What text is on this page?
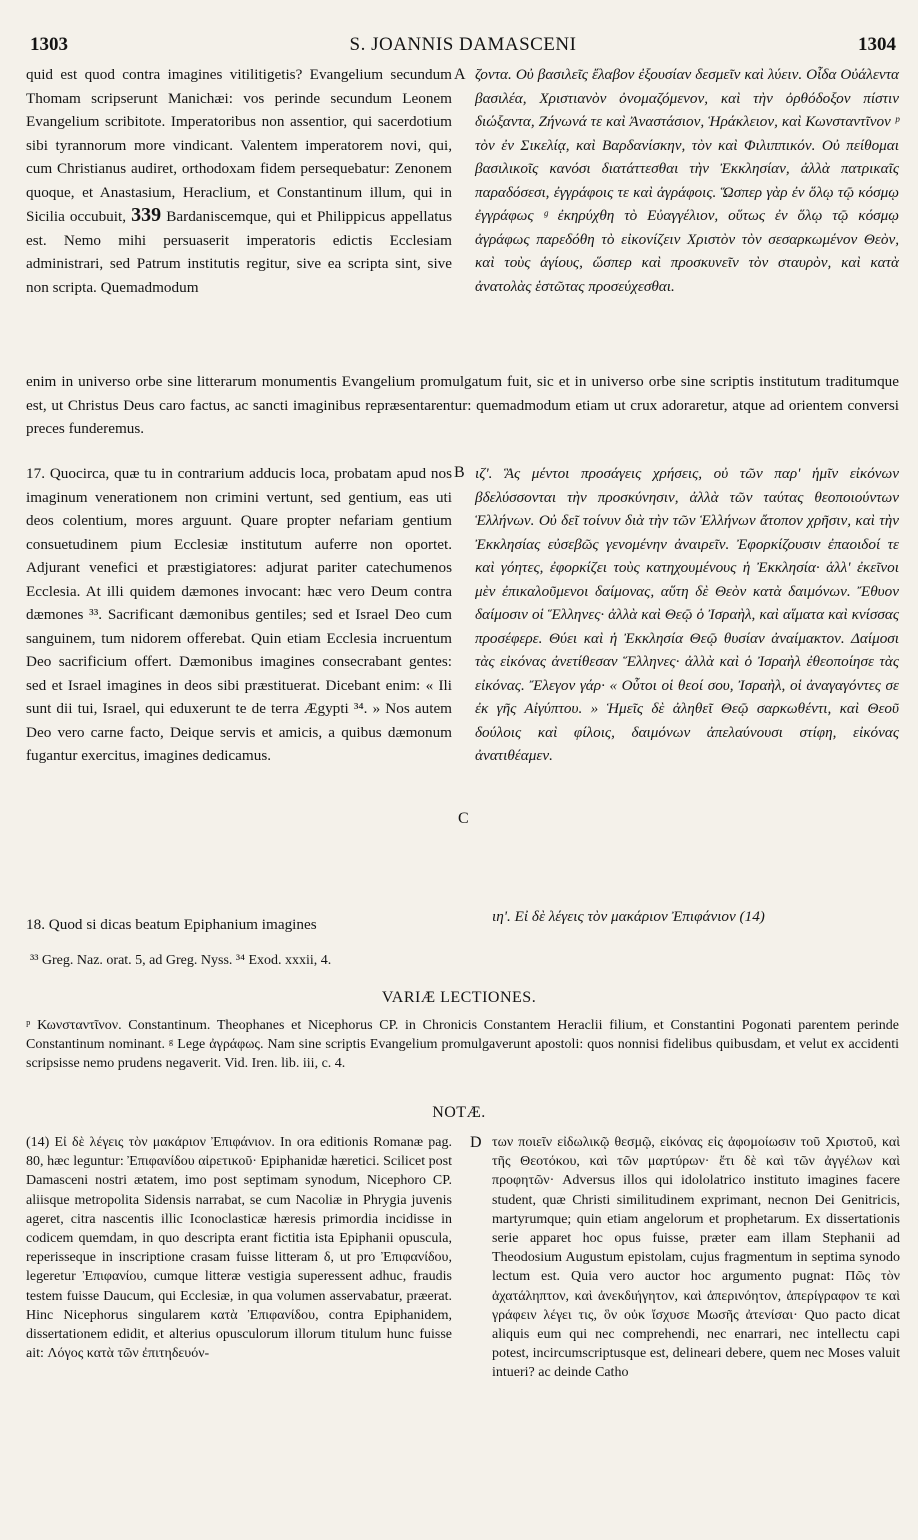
1303	S. JOANNIS DAMASCENI	1304

quid est quod contra imagines vitilitigetis? Evangelium secundum Thomam scripserunt Manichæi: vos perinde secundum Leonem Evangelium scribitote. Imperatoribus non assentior, qui sacerdotium sibi tyrannorum more vindicant. Valentem imperatorem novi, qui, cum Christianus audiret, orthodoxam fidem persequebatur: Zenonem quoque, et Anastasium, Heraclium, et Constantinum illum, qui in Sicilia occubuit, 339 Bardaniscemque, qui et Philippicus appellatus est. Nemo mihi persuaserit imperatoris edictis Ecclesiam administrari, sed Patrum institutis regitur, sive ea scripta sint, sive non scripta. Quemadmodum

A ζοντα. Οὐ βασιλεῖς ἔλαβον ἐξουσίαν δεσμεῖν καὶ λύειν. Οἶδα Οὐάλεντα βασιλέα, Χριστιανὸν ὀνομαζόμενον, καὶ τὴν ὀρθόδοξον πίστιν διώξαντα, Ζήνωνά τε καὶ Ἀναστάσιον, Ἡράκλειον, καὶ Κωνσταντῖνον ᵖ τὸν ἐν Σικελίᾳ, καὶ Βαρδανίσκην, τὸν καὶ Φιλιππικόν. Οὐ πείθομαι βασιλικοῖς κανόσι διατάττεσθαι τὴν Ἐκκλησίαν, ἀλλὰ πατρικαῖς παραδόσεσι, ἐγγράφοις τε καὶ ἀγράφοις. Ὥσπερ γὰρ ἐν ὅλῳ τῷ κόσμῳ ἐγγράφως ᵍ ἐκηρύχθη τὸ Εὐαγγέλιον, οὕτως ἐν ὅλῳ τῷ κόσμῳ ἀγράφως παρεδόθη τὸ εἰκονίζειν Χριστὸν τὸν σεσαρκωμένον Θεὸν, καὶ τοὺς ἁγίους, ὥσπερ καὶ προσκυνεῖν τὸν σταυρὸν, καὶ κατὰ ἀνατολὰς ἑστῶτας προσεύχεσθαι.

enim in universo orbe sine litterarum monumentis Evangelium promulgatum fuit, sic et in universo orbe sine scriptis institutum traditumque est, ut Christus Deus caro factus, ac sancti imaginibus repræsentarentur: quemadmodum etiam ut crux adoraretur, atque ad orientem conversi preces funderemus.

17. Quocirca, quæ tu in contrarium adducis loca, probatam apud nos imaginum venerationem non crimini vertunt, sed gentium, eas uti deos colentium, mores arguunt. Quare propter nefariam gentium consuetudinem pium Ecclesiæ institutum auferre non oportet. Adjurant venefici et præstigiatores: adjurat pariter catechumenos Ecclesia. At illi quidem dæmones invocant: hæc vero Deum contra dæmones ³³. Sacrificant dæmonibus gentiles; sed et Israel Deo cum sanguinem, tum nidorem offerebat. Quin etiam Ecclesia incruentum Deo sacrificium offert. Dæmonibus imagines consecrabant gentes: sed et Israel imagines in deos sibi præstituerat. Dicebant enim: « Ili sunt dii tui, Israel, qui eduxerunt te de terra Ægypti ³⁴. » Nos autem Deo vero carne facto, Deique servis et amicis, a quibus dæmonum fugantur exercitus, imagines dedicamus.

B
C

ιζ'. Ἃς μέντοι προσάγεις χρήσεις, οὐ τῶν παρ' ἡμῖν εἰκόνων βδελύσσονται τὴν προσκύνησιν, ἀλλὰ τῶν ταύτας θεοποιούντων Ἑλλήνων. Οὐ δεῖ τοίνυν διὰ τὴν τῶν Ἑλλήνων ἄτοπον χρῆσιν, καὶ τὴν Ἐκκλησίας εὐσεβῶς γενομένην ἀναιρεῖν. Ἐφορκίζουσιν ἐπαοιδοί τε καὶ γόητες, ἐφορκίζει τοὺς κατηχουμένους ἡ Ἐκκλησία· ἀλλ' ἐκεῖνοι μὲν ἐπικαλοῦμενοι δαίμονας, αὕτη δὲ Θεὸν κατὰ δαιμόνων. Ἔθυον δαίμοσιν οἱ Ἕλληνες· ἀλλὰ καὶ Θεῷ ὁ Ἰσραὴλ, καὶ αἵματα καὶ κνίσσας προσέφερε. Θύει καὶ ἡ Ἐκκλησία Θεῷ θυσίαν ἀναίμακτον. Δαίμοσι τὰς εἰκόνας ἀνετίθεσαν Ἕλληνες· ἀλλὰ καὶ ὁ Ἰσραὴλ ἐθεοποίησε τὰς εἰκόνας. Ἔλεγον γάρ· « Οὗτοι οἱ θεοί σου, Ἰσραὴλ, οἱ ἀναγαγόντες σε ἐκ γῆς Αἰγύπτου. » Ἡμεῖς δὲ ἀληθεῖ Θεῷ σαρκωθέντι, καὶ Θεοῦ δούλοις καὶ φίλοις, δαιμόνων ἀπελαύνουσι στίφη, εἰκόνας ἀνατιθέαμεν.

18. Quod si dicas beatum Epiphanium imagines	ιη'. Εἰ δὲ λέγεις τὸν μακάριον Ἐπιφάνιον (14)

³³ Greg. Naz. orat. 5, ad Greg. Nyss. ³⁴ Exod. xxxii, 4.
VARIÆ LECTIONES.
ᵖ Κωνσταντῖνον. Constantinum. Theophanes et Nicephorus CP. in Chronicis Constantem Heraclii filium, et Constantini Pogonati parentem perinde Constantinum nominant. ᵍ Lege ἀγράφως. Nam sine scriptis Evangelium promulgaverunt apostoli: quos nonnisi fidelibus quibusdam, et velut ex accidenti scripsisse nemo prudens negaverit. Vid. Iren. lib. iii, c. 4.
NOTÆ.

(14) Εἰ δὲ λέγεις τὸν μακάριον Ἐπιφάνιον. In ora editionis Romanæ pag. 80, hæc leguntur: Ἐπιφανίδου αἱρετικοῦ· Epiphanidæ hæretici. Scilicet post Damasceni nostri ætatem, imo post septimam synodum, Nicephoro CP. aliisque metropolita Sidensis narrabat, se cum Nacoliæ in Phrygia juvenis ageret, citra nascentis illic Iconoclasticæ hæresis primordia incidisse in codicem quemdam, in quo descripta erant fictitia ista Epiphanii opuscula, reperisseque in inscriptione crasam fuisse litteram δ, ut pro Ἐπιφανίδου, legeretur Ἐπιφανίου, cumque litteræ vestigia superessent adhuc, fraudis testem fuisse Daucum, qui Ecclesiæ, in qua volumen asservabatur, præerat. Hinc Nicephorus singularem κατὰ Ἐπιφανίδου, contra Epiphanidem, dissertationem edidit, et alterius opusculorum illorum titulum hunc fuisse ait: Λόγος κατὰ τῶν ἐπιτηδευόν-

D των ποιεῖν εἰδωλικῷ θεσμῷ, εἰκόνας εἰς ἀφομοίωσιν τοῦ Χριστοῦ, καὶ τῆς Θεοτόκου, καὶ τῶν μαρτύρων· ἔτι δὲ καὶ τῶν ἀγγέλων καὶ προφητῶν· Adversus illos qui idololatrico instituto imagines facere student, quæ Christi similitudinem exprimant, necnon Dei Genitricis, martyrumque; quin etiam angelorum et prophetarum. Ex dissertationis serie apparet hoc opus fuisse, præter eam illam Stephanii ad Theodosium Augustum epistolam, cujus fragmentum in septima synodo lectum est. Quia vero auctor hoc argumento pugnat: Πῶς τὸν ἀχατάληπτον, καὶ ἀνεκδιήγητον, καὶ ἀπερινόητον, ἀπερίγραφον τε καὶ γράφειν λέγει τις, ὃν οὐκ ἴσχυσε Μωσῆς ἀτενίσαι· Quo pacto dicat aliquis eum qui nec comprehendi, nec enarrari, nec intellectu capi potest, incircumscriptusque est, delineari debere, quem nec Moses valuit intueri? ac deinde Catho
